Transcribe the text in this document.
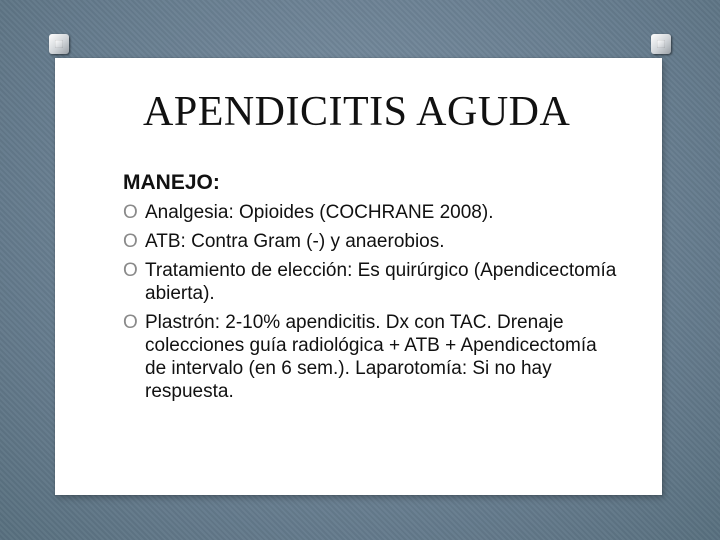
APENDICITIS AGUDA
MANEJO:
O Analgesia: Opioides (COCHRANE 2008).
O ATB: Contra Gram (-) y anaerobios.
O Tratamiento de elección: Es quirúrgico (Apendicectomía abierta).
O Plastrón: 2-10% apendicitis. Dx con TAC. Drenaje colecciones guía radiológica + ATB + Apendicectomía de intervalo (en 6 sem.). Laparotomía: Si no hay respuesta.
